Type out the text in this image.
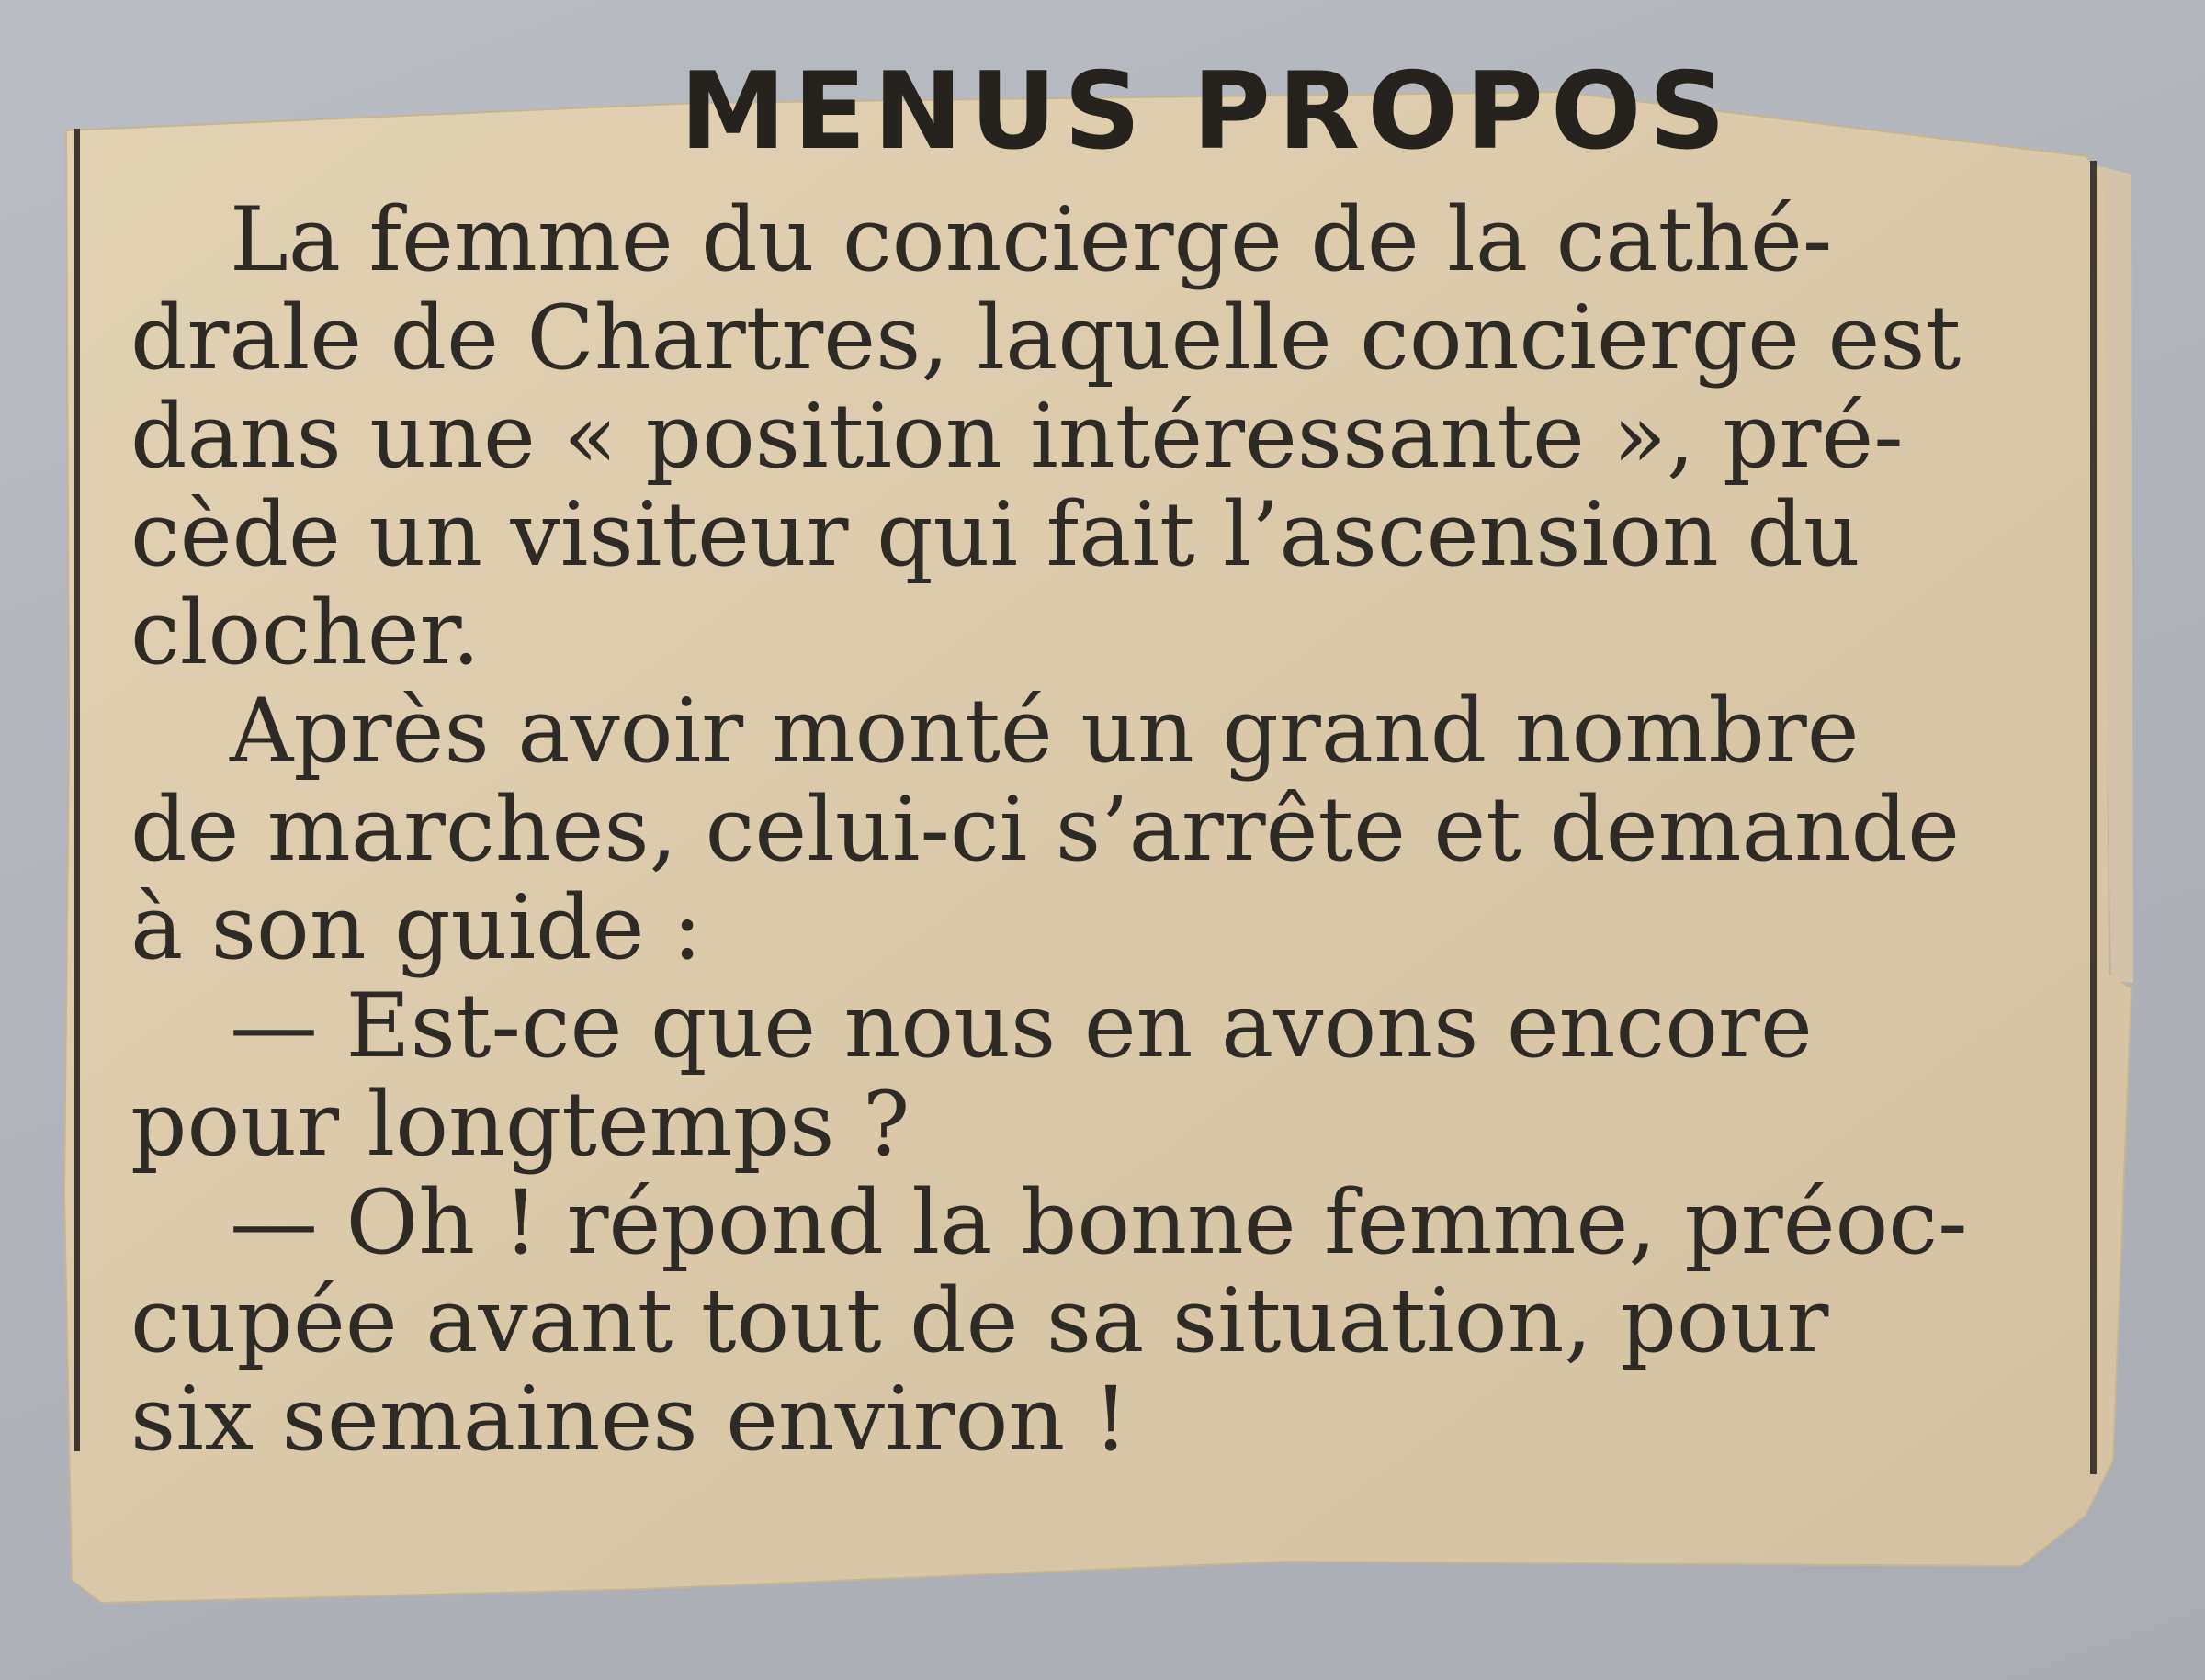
MENUS PROPOS

La femme du concierge de la cathé-
drale de Chartres, laquelle concierge est
dans une « position intéressante », pré-
cède un visiteur qui fait l’ascension du
clocher.

Après avoir monté un grand nombre
de marches, celui-ci s’arrête et demande
à son guide :

— Est-ce que nous en avons encore
pour longtemps ?

— Oh ! répond la bonne femme, préoc-
cupée avant tout de sa situation, pour
six semaines environ !
